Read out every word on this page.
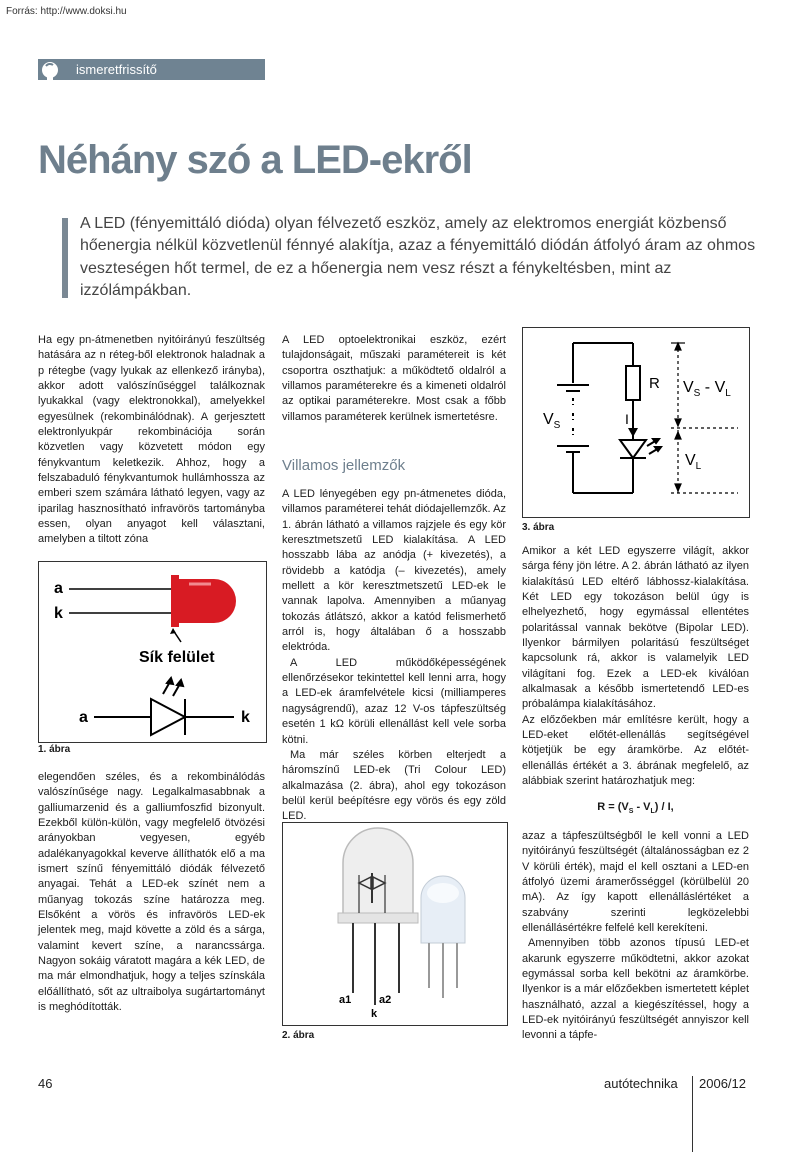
Forrás: http://www.doksi.hu
ismeretfrissítő
Néhány szó a LED-ekről
A LED (fényemittáló dióda) olyan félvezető eszköz, amely az elektromos energiát közbenső hőenergia nélkül közvetlenül fénnyé alakítja, azaz a fényemittáló diódán átfolyó áram az ohmos veszteségen hőt termel, de ez a hőenergia nem vesz részt a fénykeltésben, mint az izzólámpákban.

Ha egy pn-átmenetben nyitóirányú feszültség hatására az n réteg-ből elektronok haladnak a p rétegbe (vagy lyukak az ellenkező irányba), akkor adott valószínűséggel találkoznak lyukakkal (vagy elektronokkal), amelyekkel egyesülnek (rekombinálódnak). A gerjesztett elektronlyukpár rekombinációja során közvetlen vagy közvetett módon egy fénykvantum keletkezik. Ahhoz, hogy a felszabaduló fénykvantumok hullámhossza az emberi szem számára látható legyen, vagy az iparilag hasznosítható infravörös tartományba essen, olyan anyagot kell választani, amelyben a tiltott zóna

a
k
Sík felület
a	k
1. ábra

elegendően széles, és a rekombinálódás valószínűsége nagy. Legalkalmasabbnak a galliumarzenid és a galliumfoszfid bizonyult. Ezekből külön-külön, vagy megfelelő ötvözési arányokban vegyesen, egyéb adalékanyagokkal keverve állíthatók elő a ma ismert színű fényemittáló diódák félvezető anyagai. Tehát a LED-ek színét nem a műanyag tokozás színe határozza meg. Elsőként a vörös és infravörös LED-ek jelentek meg, majd követte a zöld és a sárga, valamint kevert színe, a narancssárga. Nagyon sokáig váratott magára a kék LED, de ma már elmondhatjuk, hogy a teljes színskála előállítható, sőt az ultraibolya sugártartományt is meghódították.

A LED optoelektronikai eszköz, ezért tulajdonságait, műszaki paramétereit is két csoportra oszthatjuk: a működtető oldalról a villamos paraméterekre és a kimeneti oldalról az optikai paraméterekre. Most csak a főbb villamos paraméterek kerülnek ismertetésre.

Villamos jellemzők

A LED lényegében egy pn-átmenetes dióda, villamos paraméterei tehát diódajellemzők. Az 1. ábrán látható a villamos rajzjele és egy kör keresztmetszetű LED kialakítása. A LED hosszabb lába az anódja (+ kivezetés), a rövidebb a katódja (– kivezetés), amely mellett a kör keresztmetszetű LED-ek le vannak lapolva. Amennyiben a műanyag tokozás átlátszó, akkor a katód felismerhető arról is, hogy általában ő a hosszabb elektróda.

A LED működőképességének ellenőrzésekor tekintettel kell lenni arra, hogy a LED-ek áramfelvétele kicsi (milliamperes nagyságrendű), azaz 12 V-os tápfeszültség esetén 1 kΩ körüli ellenállást kell vele sorba kötni.

Ma már széles körben elterjedt a háromszínű LED-ek (Tri Colour LED) alkalmazása (2. ábra), ahol egy tokozáson belül kerül beépítésre egy vörös és egy zöld LED.

a1	a2
k
2. ábra
$V_S$
R
I
$V_S - V_L$
$V_L$
3. ábra

Amikor a két LED egyszerre világít, akkor sárga fény jön létre. A 2. ábrán látható az ilyen kialakítású LED eltérő lábhossz-kialakítása. Két LED egy tokozáson belül úgy is elhelyezhető, hogy egymással ellentétes polaritással vannak bekötve (Bipolar LED). Ilyenkor bármilyen polaritású feszültséget kapcsolunk rá, akkor is valamelyik LED világítani fog. Ezek a LED-ek kiválóan alkalmasak a később ismertetendő LED-es próbalámpa kialakításához.

Az előzőekben már említésre került, hogy a LED-eket előtét-ellenállás segítségével kötjetjük be egy áramkörbe. Az előtét-ellenállás értékét a 3. ábrának megfelelő, az alábbiak szerint határozhatjuk meg:

$R = (V_S - V_L) / I$,

azaz a tápfeszültségből le kell vonni a LED nyitóirányú feszültségét (általánosságban ez 2 V körüli érték), majd el kell osztani a LED-en átfolyó üzemi áramerősséggel (körülbelül 20 mA). Az így kapott ellenálláslértéket a szabvány szerinti legközelebbi ellenállásértékre felfelé kell kerekíteni.

Amennyiben több azonos típusú LED-et akarunk egyszerre működtetni, akkor azokat egymással sorba kell bekötni az áramkörbe. Ilyenkor is a már előzőekben ismertetett képlet használható, azzal a kiegészítéssel, hogy a LED-ek nyitóirányú feszültségét annyiszor kell levonni a tápfe-

46	autótechnika 2006/12
